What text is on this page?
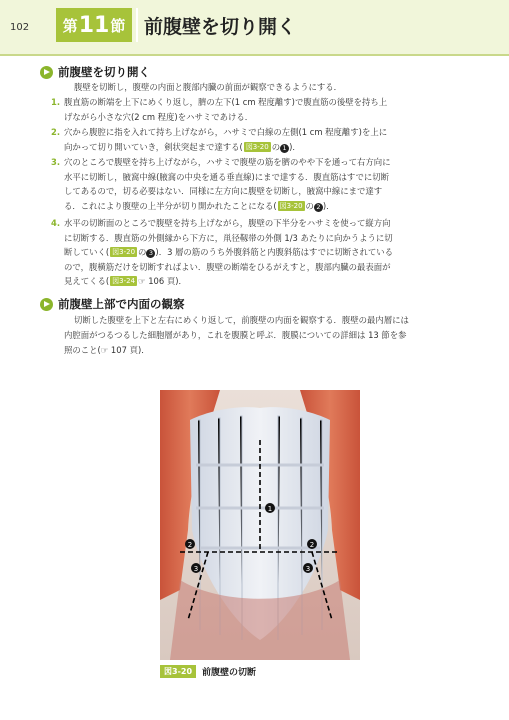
102 第 11 節 前腹壁を切り開く
前腹壁を切り開く
腹壁を切断し，腹壁の内面と腹部内臓の前面が観察できるようにする．
1. 腹直筋の断端を上下にめくり返し，臍の左下(1 cm 程度離す)で腹直筋の後壁を持ち上
げながら小さな穴(2 cm 程度)をハサミであける．
2. 穴から腹腔に指を入れて持ち上げながら，ハサミで白線の左側(1 cm 程度離す)を上に
向かって切り開いていき，剣状突起まで達する( 図3-20 の 1 )．
3. 穴のところで腹壁を持ち上げながら，ハサミで腹壁の筋を臍のやや下を通って右方向に
水平に切断し，腋窩中線(腋窩の中央を通る垂直線)にまで達する．腹直筋はすでに切断
してあるので，切る必要はない．同様に左方向に腹壁を切断し，腋窩中線にまで達す
る．これにより腹壁の上半分が切り開かれたことになる( 図3-20 の 2 )．
4. 水平の切断面のところで腹壁を持ち上げながら，腹壁の下半分をハサミを使って縦方向
に切断する．腹直筋の外側縁から下方に，鼡径靱帯の外側 1/3 あたりに向かうように切
断していく( 図3-20 の 3 )．3 層の筋のうち外腹斜筋と内腹斜筋はすでに切断されている
ので，腹横筋だけを切断すればよい．腹壁の断端をひるがえすと，腹部内臓の最表面が
見えてくる( 図3-24 ☞ 106 頁)．
前腹壁上部で内面の観察
切断した腹壁を上下と左右にめくり返して，前腹壁の内面を観察する．腹壁の最内層には
内腔面がつるつるした細胞層があり，これを腹膜と呼ぶ．腹膜についての詳細は 13 節を参
照のこと(☞ 107 頁)．
1
2	2
3	3
図3-20	前腹壁の切断
